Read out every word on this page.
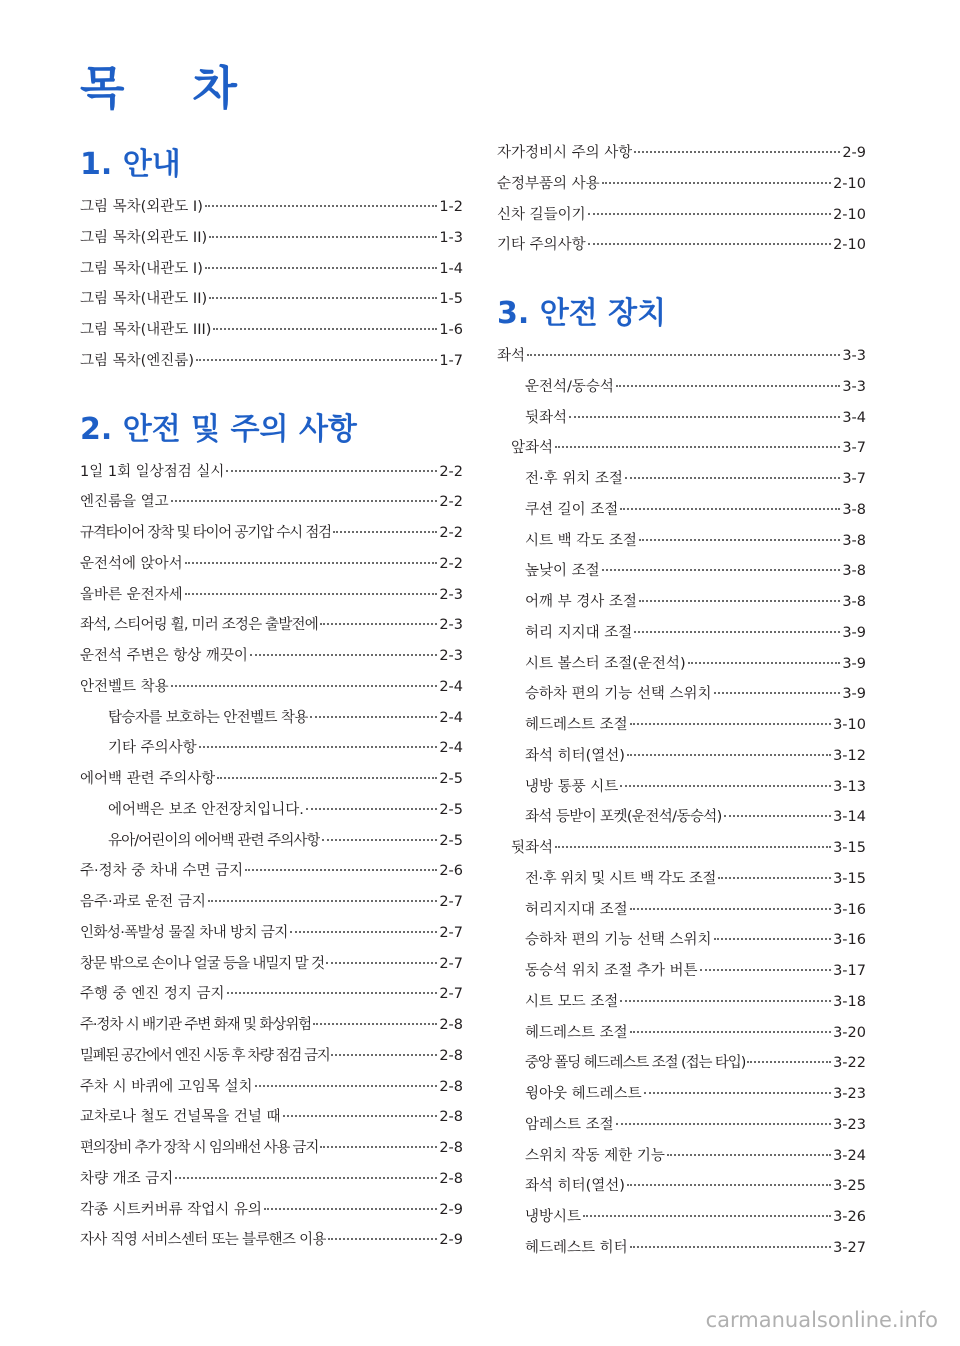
목 차
1. 안내
그림 목차(외관도 I)	1-2
그림 목차(외관도 II)	1-3
그림 목차(내관도 I)	1-4
그림 목차(내관도 II)	1-5
그림 목차(내관도 III)	1-6
그림 목차(엔진룸)	1-7
2. 안전 및 주의 사항
1일 1회 일상점검 실시	2-2
엔진룸을 열고	2-2
규격타이어 장착 및 타이어 공기압 수시 점검	2-2
운전석에 앉아서	2-2
올바른 운전자세	2-3
좌석, 스티어링 휠, 미러 조정은 출발전에	2-3
운전석 주변은 항상 깨끗이	2-3
안전벨트 착용	2-4
탑승자를 보호하는 안전벨트 착용	2-4
기타 주의사항	2-4
에어백 관련 주의사항	2-5
에어백은 보조 안전장치입니다.	2-5
유아/어린이의 에어백 관련 주의사항	2-5
주·정차 중 차내 수면 금지	2-6
음주·과로 운전 금지	2-7
인화성·폭발성 물질 차내 방치 금지	2-7
창문 밖으로 손이나 얼굴 등을 내밀지 말 것	2-7
주행 중 엔진 정지 금지	2-7
주·정차 시 배기관 주변 화재 및 화상위험	2-8
밀폐된 공간에서 엔진 시동 후 차량 점검 금지	2-8
주차 시 바퀴에 고임목 설치	2-8
교차로나 철도 건널목을 건널 때	2-8
편의장비 추가 장착 시 임의배선 사용 금지	2-8
차량 개조 금지	2-8
각종 시트커버류 작업시 유의	2-9
자사 직영 서비스센터 또는 블루핸즈 이용	2-9
자가정비시 주의 사항	2-9
순정부품의 사용	2-10
신차 길들이기	2-10
기타 주의사항	2-10
3. 안전 장치
좌석	3-3
운전석/동승석	3-3
뒷좌석	3-4
앞좌석	3-7
전·후 위치 조절	3-7
쿠션 길이 조절	3-8
시트 백 각도 조절	3-8
높낮이 조절	3-8
어깨 부 경사 조절	3-8
허리 지지대 조절	3-9
시트 볼스터 조절(운전석)	3-9
승하차 편의 기능 선택 스위치	3-9
헤드레스트 조절	3-10
좌석 히터(열선)	3-12
냉방 통풍 시트	3-13
좌석 등받이 포켓(운전석/동승석)	3-14
뒷좌석	3-15
전·후 위치 및 시트 백 각도 조절	3-15
허리지지대 조절	3-16
승하차 편의 기능 선택 스위치	3-16
동승석 위치 조절 추가 버튼	3-17
시트 모드 조절	3-18
헤드레스트 조절	3-20
중앙 폴딩 헤드레스트 조절 (접는 타입)	3-22
윙아웃 헤드레스트	3-23
암레스트 조절	3-23
스위치 작동 제한 기능	3-24
좌석 히터(열선)	3-25
냉방시트	3-26
헤드레스트 히터	3-27
carmanualsonline.info
